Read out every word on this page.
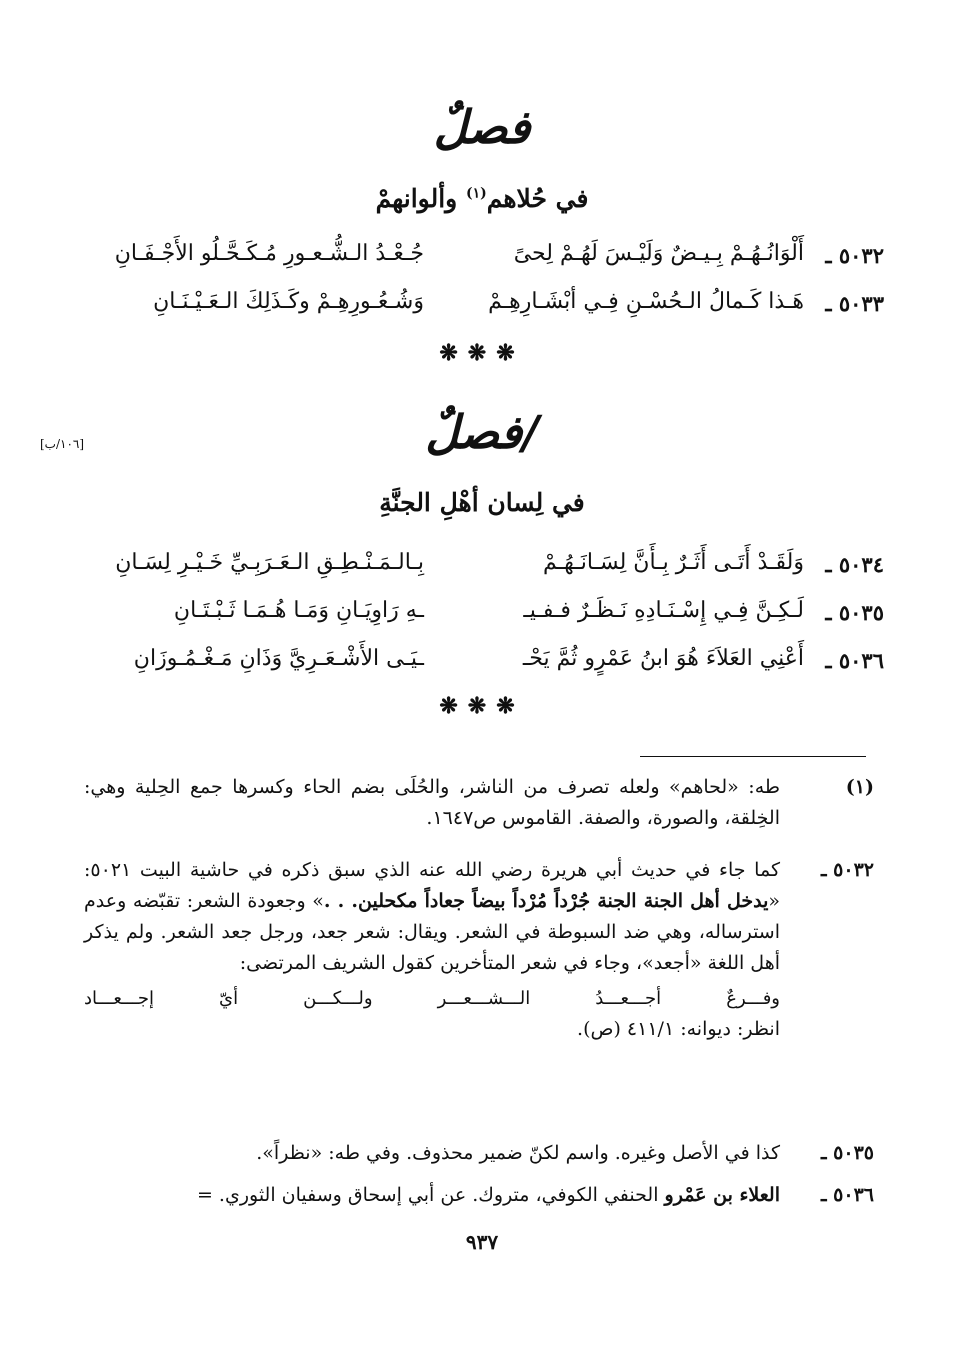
فصلٌ
في حُلاهم$^{(١)}$ وألوانهمْ
٥٠٣٢ ـ
أَلْوَانُـهُـمْ بِـيـضٌ وَلَيْـسَ لَهُـمْ لِحىً
جُـعْـدُ الـشُّـعـورِ مُـكَـحَّـلُو الأَجْـفَـانِ
٥٠٣٣ ـ
هَـذا كَـمالُ الـحُسْـنِ فِـي أبْشَـارِهِـمْ
وَشُـعُـورِهِـمْ وكَـذَلِكَ الـعَـيْـنَـانِ
❋❋❋
/فصلٌ
[١٠٦/ب]
في لِسان أهْلِ الجنَّةِ
٥٠٣٤ ـ
وَلَقَـدْ أَتَـى أَثَـرٌ بِـأَنَّ لِسَـانَـهُـمْ
بِـالـمَـنْـطِـقِ الـعَـرَبِـيِّ خَـيْـرِ لِسَـانِ
٥٠٣٥ ـ
لَـكِـنَّ فِـي إِسْـنَـادِهِ نَـظَـرٌ فـفـيـ
ـهِ رَاوِيَـانِ وَمَـا هُـمَـا ثَـبْـتَـانِ
٥٠٣٦ ـ
أَعْنِي العَلاَءَ هُوَ ابنُ عَمْرٍو ثُمَّ يَحْـ
ـيَـى الأَشْـعَـرِيَّ وَذَانِ مَـغْـمُـوزَانِ
❋❋❋
(١)
طه: «لحاهم» ولعله تصرف من الناشر، والحُلَى بضم الحاء وكسرها جمع الحِلية وهي: الخِلقة، والصورة، والصفة. القاموس ص١٦٤٧.
٥٠٣٢ ـ
كما جاء في حديث أبي هريرة رضي الله عنه الذي سبق ذكره في حاشية البيت ٥٠٢١: «يدخل أهل الجنة الجنة جُرْداً مُرْداً بيضاً جعاداً مكحلين. . .» وجعودة الشعر: تقبّضه وعدم استرساله، وهي ضد السبوطة في الشعر. ويقال: شعر جعد، ورجل جعد الشعر. ولم يذكر أهل اللغة «أجعد»، وجاء في شعر المتأخرين كقول الشريف المرتضى:
وفـــرعٌ أجـــعـــدُ الـــشـــعـــر ولـــكـــن أيّ إجـــعـــاد
انظر: ديوانه: ٤١١/١ (ص).
٥٠٣٥ ـ
كذا في الأصل وغيره. واسم لكنّ ضمير محذوف. وفي طه: «نظراً».
٥٠٣٦ ـ
العلاء بن عَمْرو الحنفي الكوفي، متروك. عن أبي إسحاق وسفيان الثوري. =
٩٣٧
